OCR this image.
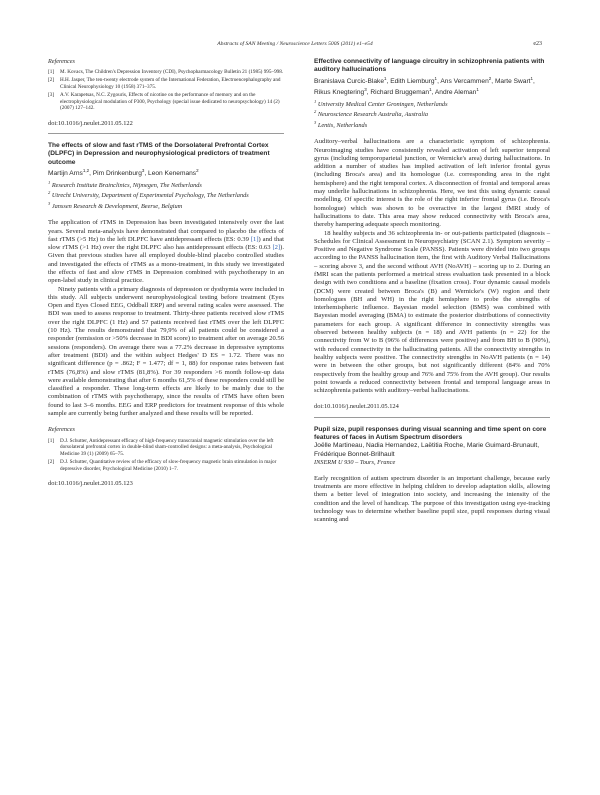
Abstracts of SAN Meeting / Neuroscience Letters 500S (2011) e1–e54	e23

References

[1] M. Kovacs, The Children's Depression Inventory (CDI), Psychopharmacology Bulletin 21 (1985) 995–998.
[2] H.H. Jasper, The ten-twenty electrode system of the International Federation, Electroencephalography and Clinical Neurophysiology 10 (1958) 371–375.
[3] A.V. Karapetsas, N.C. Zygouris, Effects of nicotine on the performance of memory and on the electrophysiological modulation of P300, Psychology (special issue dedicated to neuropsychology) 14 (2) (2007) 127–142.

doi:10.1016/j.neulet.2011.05.122

The effects of slow and fast rTMS of the Dorsolateral Prefrontal Cortex (DLPFC) in Depression and neurophysiological predictors of treatment outcome

Martijn Arns$^{1,2}$, Pim Drinkenburg$^3$, Leon Kenemans$^2$

$^1$ Research Institute Brainclinics, Nijmegen, The Netherlands

$^2$ Utrecht University, Department of Experimental Psychology, The Netherlands

$^3$ Janssen Research & Development, Beerse, Belgium

The application of rTMS in Depression has been investigated intensively over the last years. Several meta-analysis have demonstrated that compared to placebo the effects of fast rTMS (>5 Hz) to the left DLPFC have antidepressant effects (ES: 0.39 [1]) and that slow rTMS (>1 Hz) over the right DLPFC also has antidepressant effects (ES: 0.63 [2]). Given that previous studies have all employed double-blind placebo controlled studies and investigated the effects of rTMS as a mono-treatment, in this study we investigated the effects of fast and slow rTMS in Depression combined with psychotherapy in an open-label study in clinical practice.

Ninety patients with a primary diagnosis of depression or dysthymia were included in this study. All subjects underwent neurophysiological testing before treatment (Eyes Open and Eyes Closed EEG, Oddball ERP) and several rating scales were assessed. The BDI was used to assess response to treatment. Thirty-three patients received slow rTMS over the right DLPFC (1 Hz) and 57 patients received fast rTMS over the left DLPFC (10 Hz). The results demonstrated that 79,9% of all patients could be considered a responder (remission or >50% decrease in BDI score) to treatment after on average 20.56 sessions (responders). On average there was a 77.2% decrease in depressive symptoms after treatment (BDI) and the within subject Hedges' D ES = 1.72. There was no significant difference (p = .862; F = 1.477; df = 1, 88) for response rates between fast rTMS (76,8%) and slow rTMS (81,8%). For 39 responders >6 month follow-up data were available demonstrating that after 6 months 61,5% of these responders could still be classified a responder. These long-term effects are likely to be mainly due to the combination of rTMS with psychotherapy, since the results of rTMS have often been found to last 3–6 months. EEG and ERP predictors for treatment response of this whole sample are currently being further analyzed and these results will be reported.

References

[1] D.J. Schutter, Antidepressant efficacy of high-frequency transcranial magnetic stimulation over the left dorsolateral prefrontal cortex in double-blind sham-controlled designs: a meta-analysis, Psychological Medicine 39 (1) (2009) 65–75.
[2] D.J. Schutter, Quantitative review of the efficacy of slow-frequency magnetic brain stimulation in major depressive disorder, Psychological Medicine (2010) 1–7.

doi:10.1016/j.neulet.2011.05.123

Effective connectivity of language circuitry in schizophrenia patients with auditory hallucinations

Branislava Curcic-Blake$^1$, Edith Liemburg$^1$, Ans Vercammen$^2$, Marte Swart$^1$, Rikus Knegtering$^3$, Richard Bruggeman$^1$, Andre Aleman$^1$

$^1$ University Medical Center Groningen, Netherlands

$^2$ Neuroscience Research Australia, Australia

$^3$ Lentis, Netherlands

Auditory–verbal hallucinations are a characteristic symptom of schizophrenia. Neuroimaging studies have consistently revealed activation of left superior temporal gyrus (including temporoparietal junction, or Wernicke's area) during hallucinations. In addition a number of studies has implied activation of left inferior frontal gyrus (including Broca's area) and its homologue (i.e. corresponding area in the right hemisphere) and the right temporal cortex. A disconnection of frontal and temporal areas may underlie hallucinations in schizophrenia. Here, we test this using dynamic causal modelling. Of specific interest is the role of the right inferior frontal gyrus (i.e. Broca's homologue) which was shown to be overactive in the largest fMRI study of hallucinations to date. This area may show reduced connectivity with Broca's area, thereby hampering adequate speech monitoring.

18 healthy subjects and 36 schizophrenia in- or out-patients participated (diagnosis – Schedules for Clinical Assessment in Neuropsychiatry (SCAN 2.1). Symptom severity – Positive and Negative Syndrome Scale (PANSS). Patients were divided into two groups according to the PANSS hallucination item, the first with Auditory Verbal Hallucinations – scoring above 3, and the second without AVH (NoAVH) – scoring up to 2. During an fMRI scan the patients performed a metrical stress evaluation task presented in a block design with two conditions and a baseline (fixation cross). Four dynamic causal models (DCM) were created between Broca's (B) and Wernicke's (W) region and their homologues (BH and WH) in the right hemisphere to probe the strengths of interhemispheric influence. Bayesian model selection (BMS) was combined with Bayesian model averaging (BMA) to estimate the posterior distributions of connectivity parameters for each group. A significant difference in connectivity strengths was observed between healthy subjects (n = 18) and AVH patients (n = 22) for the connectivity from W to B (96% of differences were positive) and from BH to B (90%), with reduced connectivity in the hallucinating patients. All the connectivity strengths in healthy subjects were positive. The connectivity strengths in NoAVH patients (n = 14) were in between the other groups, but not significantly different (84% and 70% respectively from the healthy group and 76% and 75% from the AVH group). Our results point towards a reduced connectivity between frontal and temporal language areas in schizophrenia patients with auditory–verbal hallucinations.

doi:10.1016/j.neulet.2011.05.124

Pupil size, pupil responses during visual scanning and time spent on core features of faces in Autism Spectrum disorders

Joëlle Martineau, Nadia Hernandez, Laëtitia Roche, Marie Guimard-Brunault, Frédérique Bonnet-Brilhault

INSERM U 930 – Tours, France

Early recognition of autism spectrum disorder is an important challenge, because early treatments are more effective in helping children to develop adaptation skills, allowing them a better level of integration into society, and increasing the intensity of the condition and the level of handicap. The purpose of this investigation using eye-tracking technology was to determine whether baseline pupil size, pupil responses during visual scanning and
